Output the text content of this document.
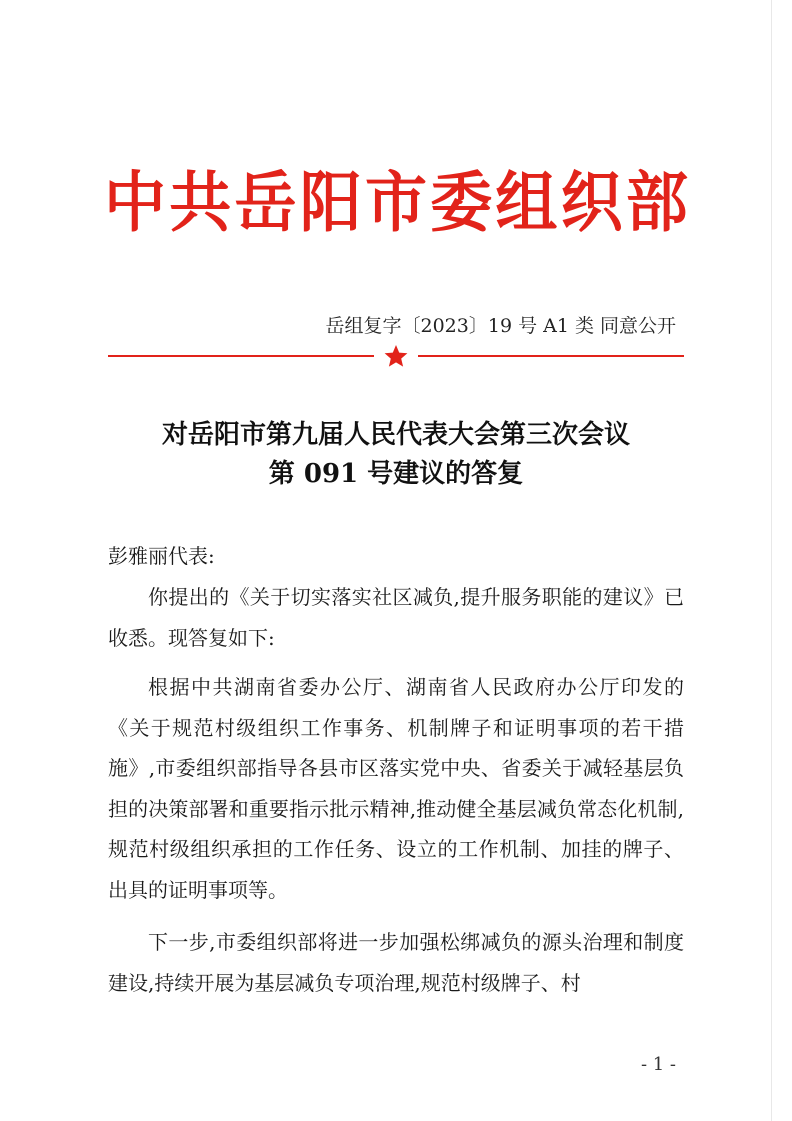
中 共 岳 阳 市 委 组 织 部
岳组复字〔2023〕19 号 A1 类 同意公开
对岳阳市第九届人民代表大会第三次会议
第 091 号建议的答复
彭雅丽代表:

你提出的《关于切实落实社区减负,提升服务职能的建议》已收悉。现答复如下:

根据中共湖南省委办公厅、湖南省人民政府办公厅印发的《关于规范村级组织工作事务、机制牌子和证明事项的若干措施》,市委组织部指导各县市区落实党中央、省委关于减轻基层负担的决策部署和重要指示批示精神,推动健全基层减负常态化机制,规范村级组织承担的工作任务、设立的工作机制、加挂的牌子、出具的证明事项等。

下一步,市委组织部将进一步加强松绑减负的源头治理和制度建设,持续开展为基层减负专项治理,规范村级牌子、村

- 1 -
